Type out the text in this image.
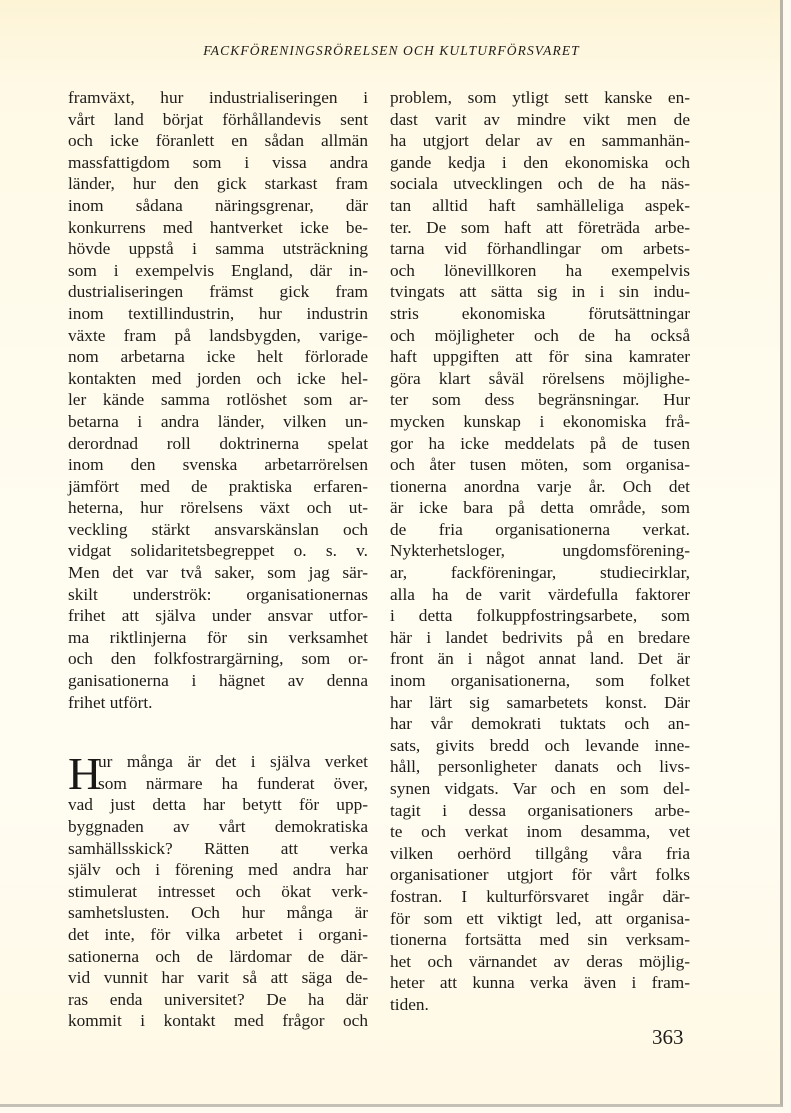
FACKFÖRENINGSRÖRELSEN OCH KULTURFÖRSVARET
framväxt, hur industrialiseringen i
vårt land börjat förhållandevis sent
och icke föranlett en sådan allmän
massfattigdom som i vissa andra
länder, hur den gick starkast fram
inom sådana näringsgrenar, där
konkurrens med hantverket icke be-
hövde uppstå i samma utsträckning
som i exempelvis England, där in-
dustrialiseringen främst gick fram
inom textillindustrin, hur industrin
växte fram på landsbygden, varige-
nom arbetarna icke helt förlorade
kontakten med jorden och icke hel-
ler kände samma rotlöshet som ar-
betarna i andra länder, vilken un-
derordnad roll doktrinerna spelat
inom den svenska arbetarrörelsen
jämfört med de praktiska erfaren-
heterna, hur rörelsens växt och ut-
veckling stärkt ansvarskänslan och
vidgat solidaritetsbegreppet o. s. v.
Men det var två saker, som jag sär-
skilt underströk: organisationernas
frihet att själva under ansvar utfor-
ma riktlinjerna för sin verksamhet
och den folkfostrargärning, som or-
ganisationerna i hägnet av denna
frihet utfört.
H
ur många är det i själva verket
som närmare ha funderat över,
vad just detta har betytt för upp-
byggnaden av vårt demokratiska
samhällsskick? Rätten att verka
själv och i förening med andra har
stimulerat intresset och ökat verk-
samhetslusten. Och hur många är
det inte, för vilka arbetet i organi-
sationerna och de lärdomar de där-
vid vunnit har varit så att säga de-
ras enda universitet? De ha där
kommit i kontakt med frågor och
problem, som ytligt sett kanske en-
dast varit av mindre vikt men de
ha utgjort delar av en sammanhän-
gande kedja i den ekonomiska och
sociala utvecklingen och de ha näs-
tan alltid haft samhälleliga aspek-
ter. De som haft att företräda arbe-
tarna vid förhandlingar om arbets-
och lönevillkoren ha exempelvis
tvingats att sätta sig in i sin indu-
stris ekonomiska förutsättningar
och möjligheter och de ha också
haft uppgiften att för sina kamrater
göra klart såväl rörelsens möjlighe-
ter som dess begränsningar. Hur
mycken kunskap i ekonomiska frå-
gor ha icke meddelats på de tusen
och åter tusen möten, som organisa-
tionerna anordna varje år. Och det
är icke bara på detta område, som
de fria organisationerna verkat.
Nykterhetsloger, ungdomsförening-
ar, fackföreningar, studiecirklar,
alla ha de varit värdefulla faktorer
i detta folkuppfostringsarbete, som
här i landet bedrivits på en bredare
front än i något annat land. Det är
inom organisationerna, som folket
har lärt sig samarbetets konst. Där
har vår demokrati tuktats och an-
sats, givits bredd och levande inne-
håll, personligheter danats och livs-
synen vidgats. Var och en som del-
tagit i dessa organisationers arbe-
te och verkat inom desamma, vet
vilken oerhörd tillgång våra fria
organisationer utgjort för vårt folks
fostran. I kulturförsvaret ingår där-
för som ett viktigt led, att organisa-
tionerna fortsätta med sin verksam-
het och värnandet av deras möjlig-
heter att kunna verka även i fram-
tiden.
363
